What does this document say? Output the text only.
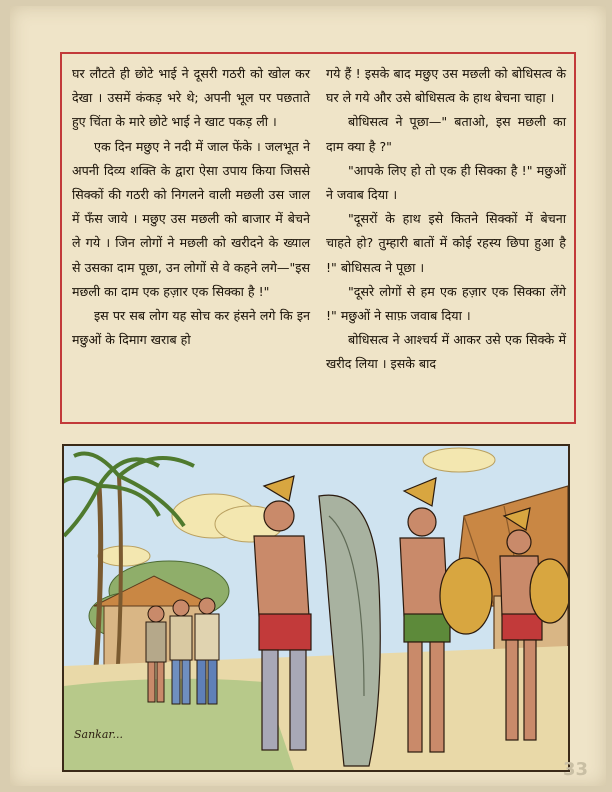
घर लौटते ही छोटे भाई ने दूसरी गठरी को खोल कर देखा । उसमें कंकड़ भरे थे; अपनी भूल पर पछताते हुए चिंता के मारे छोटे भाई ने खाट पकड़ ली ।

एक दिन मछुए ने नदी में जाल फेंके । जलभूत ने अपनी दिव्य शक्ति के द्वारा ऐसा उपाय किया जिससे सिक्कों की गठरी को निगलने वाली मछली उस जाल में फँस जाये । मछुए उस मछली को बाजार में बेचने ले गये । जिन लोगों ने मछली को खरीदने के ख्याल से उसका दाम पूछा, उन लोगों से वे कहने लगे—"इस मछली का दाम एक हज़ार एक सिक्का है !"

इस पर सब लोग यह सोच कर हंसने लगे कि इन मछुओं के दिमाग खराब हो

गये हैं ! इसके बाद मछुए उस मछली को बोधिसत्व के घर ले गये और उसे बोधिसत्व के हाथ बेचना चाहा ।

बोधिसत्व ने पूछा—" बताओ, इस मछली का दाम क्या है ?"

"आपके लिए हो तो एक ही सिक्का है !" मछुओं ने जवाब दिया ।

"दूसरों के हाथ इसे कितने सिक्कों में बेचना चाहते हो? तुम्हारी बातों में कोई रहस्य छिपा हुआ है !" बोधिसत्व ने पूछा ।

"दूसरे लोगों से हम एक हज़ार एक सिक्का लेंगे !" मछुओं ने साफ़ जवाब दिया ।

बोधिसत्व ने आश्चर्य में आकर उसे एक सिक्के में खरीद लिया । इसके बाद

Sankar...
33
